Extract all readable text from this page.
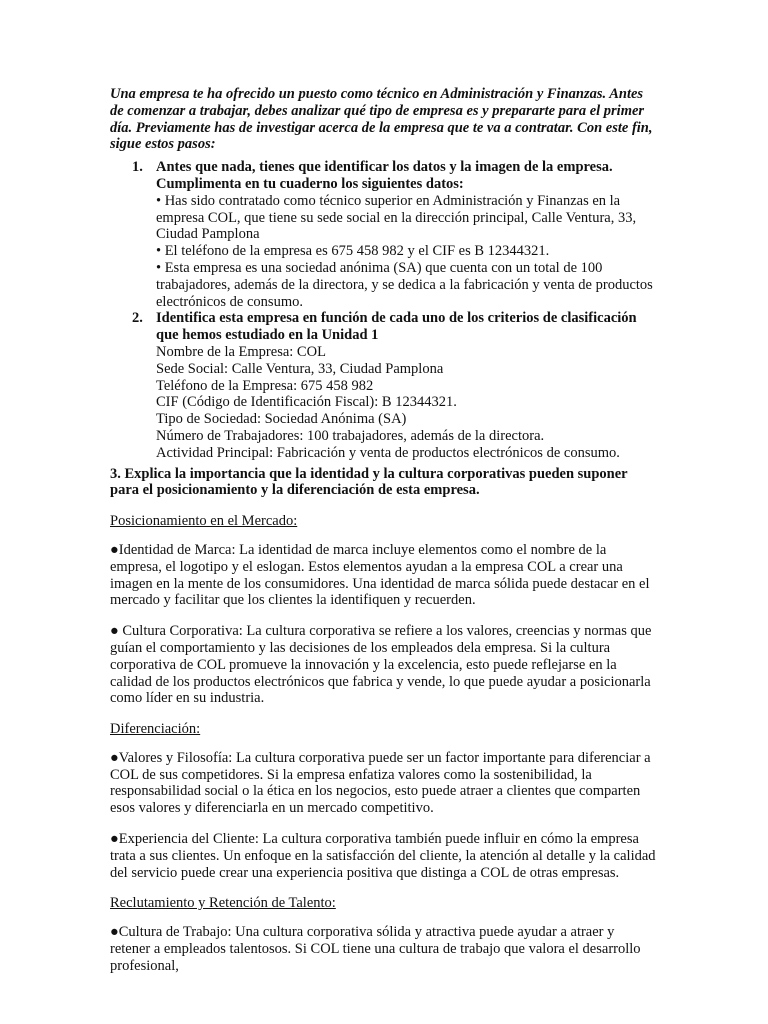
Una empresa te ha ofrecido un puesto como técnico en Administración y Finanzas. Antes de comenzar a trabajar, debes analizar qué tipo de empresa es y prepararte para el primer día. Previamente has de investigar acerca de la empresa que te va a contratar. Con este fin, sigue estos pasos:

1. Antes que nada, tienes que identificar los datos y la imagen de la empresa. Cumplimenta en tu cuaderno los siguientes datos:

• Has sido contratado como técnico superior en Administración y Finanzas en la empresa COL, que tiene su sede social en la dirección principal, Calle Ventura, 33, Ciudad Pamplona

• El teléfono de la empresa es 675 458 982 y el CIF es B 12344321.

• Esta empresa es una sociedad anónima (SA) que cuenta con un total de 100 trabajadores, además de la directora, y se dedica a la fabricación y venta de productos electrónicos de consumo.

2. Identifica esta empresa en función de cada uno de los criterios de clasificación que hemos estudiado en la Unidad 1

Nombre de la Empresa: COL

Sede Social: Calle Ventura, 33, Ciudad Pamplona

Teléfono de la Empresa: 675 458 982

CIF (Código de Identificación Fiscal): B 12344321.

Tipo de Sociedad: Sociedad Anónima (SA)

Número de Trabajadores: 100 trabajadores, además de la directora.

Actividad Principal: Fabricación y venta de productos electrónicos de consumo.

3. Explica la importancia que la identidad y la cultura corporativas pueden suponer para el posicionamiento y la diferenciación de esta empresa.

Posicionamiento en el Mercado:

●Identidad de Marca: La identidad de marca incluye elementos como el nombre de la empresa, el logotipo y el eslogan. Estos elementos ayudan a la empresa COL a crear una imagen en la mente de los consumidores. Una identidad de marca sólida puede destacar en el mercado y facilitar que los clientes la identifiquen y recuerden.

● Cultura Corporativa: La cultura corporativa se refiere a los valores, creencias y normas que guían el comportamiento y las decisiones de los empleados dela empresa. Si la cultura corporativa de COL promueve la innovación y la excelencia, esto puede reflejarse en la calidad de los productos electrónicos que fabrica y vende, lo que puede ayudar a posicionarla como líder en su industria.

Diferenciación:

●Valores y Filosofía: La cultura corporativa puede ser un factor importante para diferenciar a COL de sus competidores. Si la empresa enfatiza valores como la sostenibilidad, la responsabilidad social o la ética en los negocios, esto puede atraer a clientes que comparten esos valores y diferenciarla en un mercado competitivo.

●Experiencia del Cliente: La cultura corporativa también puede influir en cómo la empresa trata a sus clientes. Un enfoque en la satisfacción del cliente, la atención al detalle y la calidad del servicio puede crear una experiencia positiva que distinga a COL de otras empresas.

Reclutamiento y Retención de Talento:

●Cultura de Trabajo: Una cultura corporativa sólida y atractiva puede ayudar a atraer y retener a empleados talentosos. Si COL tiene una cultura de trabajo que valora el desarrollo profesional,
